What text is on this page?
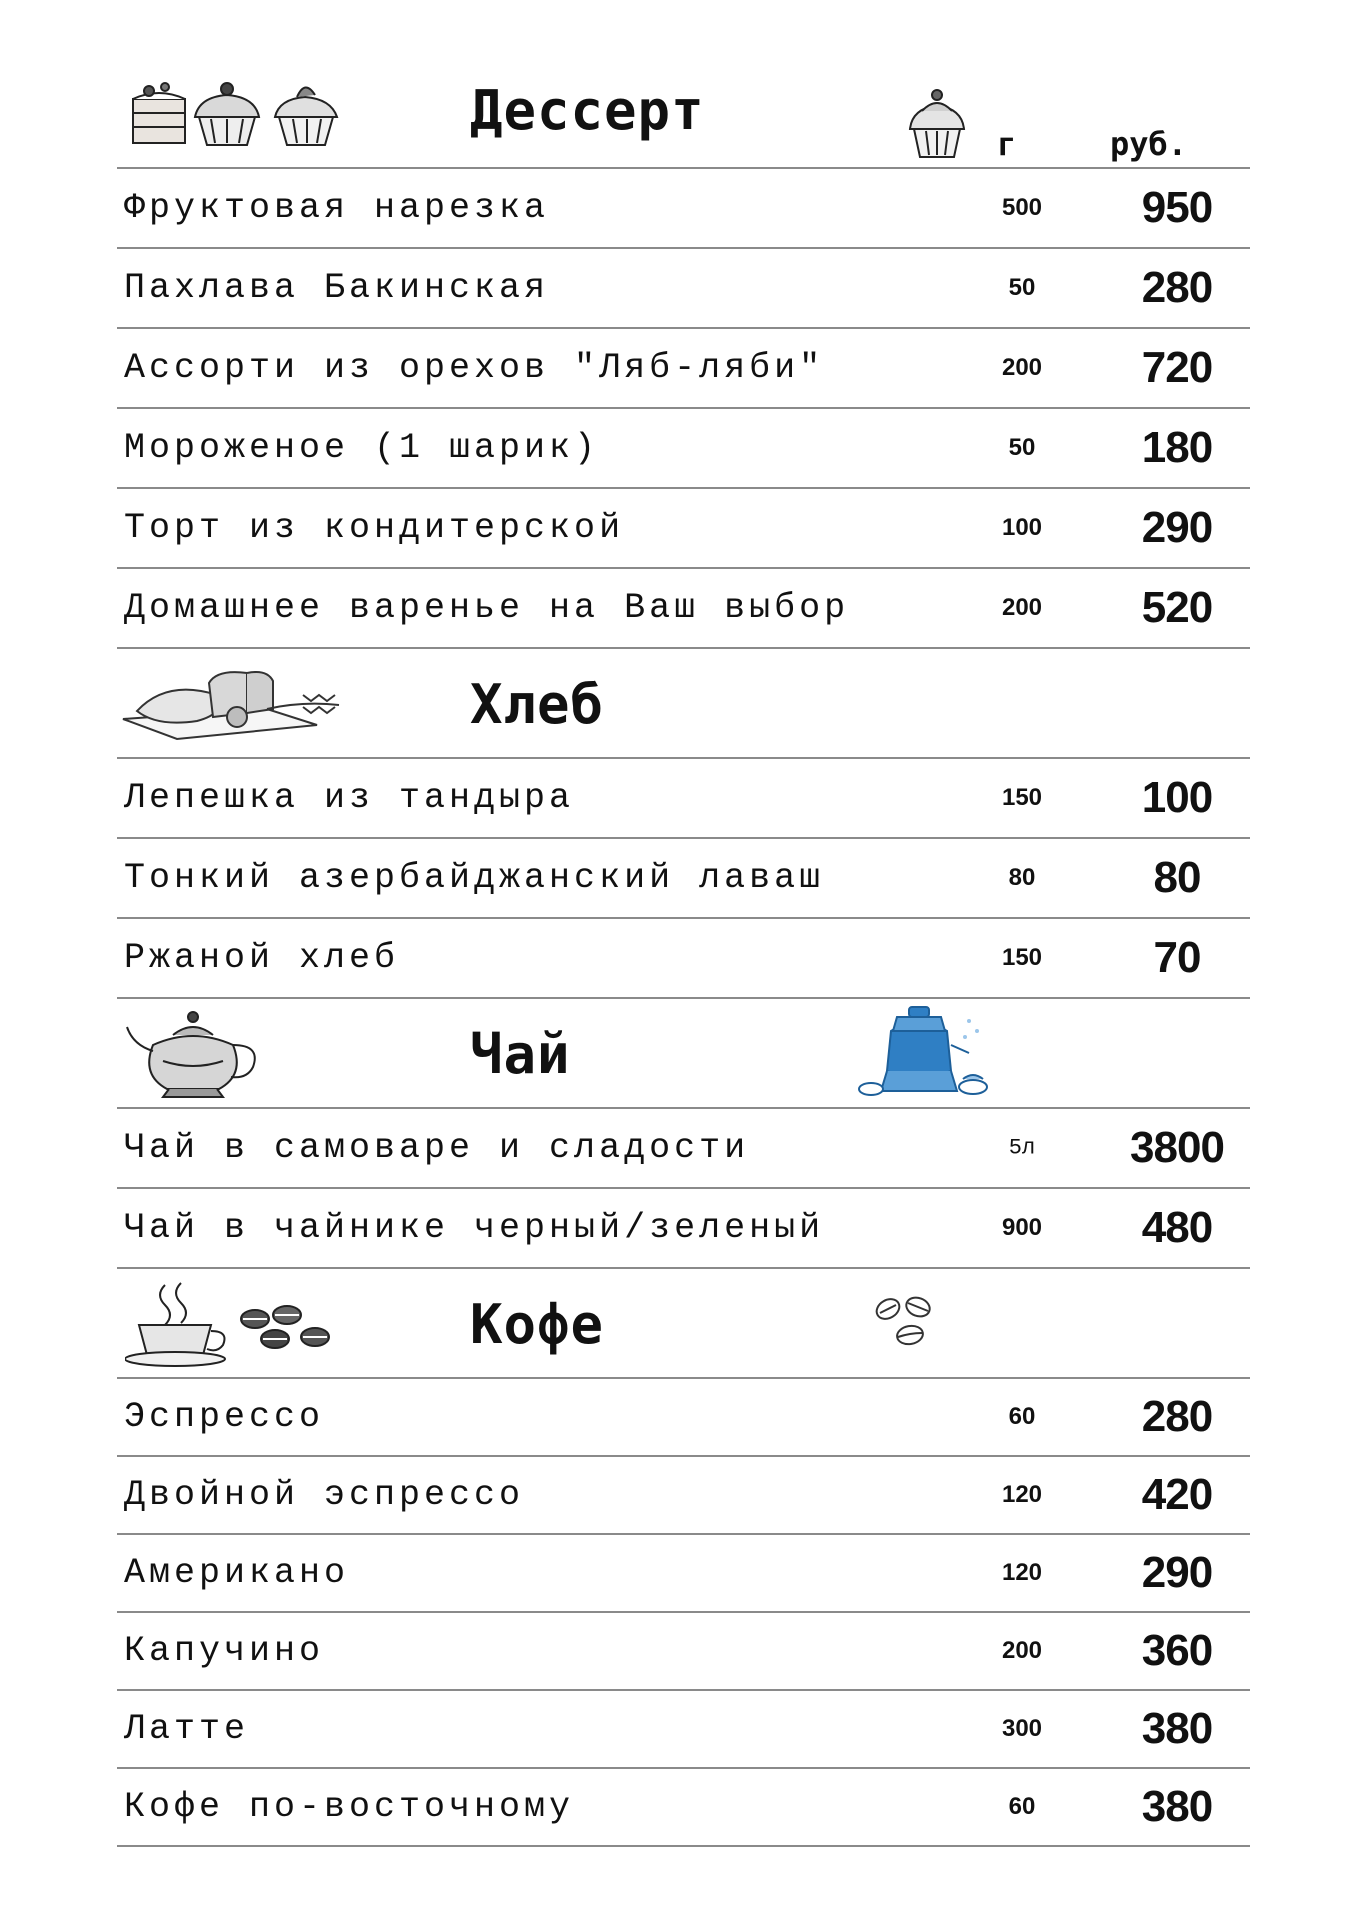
Дессерт
г	руб.
Фруктовая нарезка	500	950
Пахлава Бакинская	50	280
Ассорти из орехов "Ляб-ляби"	200	720
Мороженое (1 шарик)	50	180
Торт из кондитерской	100	290
Домашнее варенье на Ваш выбор	200	520
Хлеб
Лепешка из тандыра	150	100
Тонкий азербайджанский лаваш	80	80
Ржаной хлеб	150	70
Чай
Чай в самоваре и сладости	5л	3800
Чай в чайнике черный/зеленый	900	480
Кофе
Эспрессо	60	280
Двойной эспрессо	120	420
Американо	120	290
Капучино	200	360
Латте	300	380
Кофе по-восточному	60	380
